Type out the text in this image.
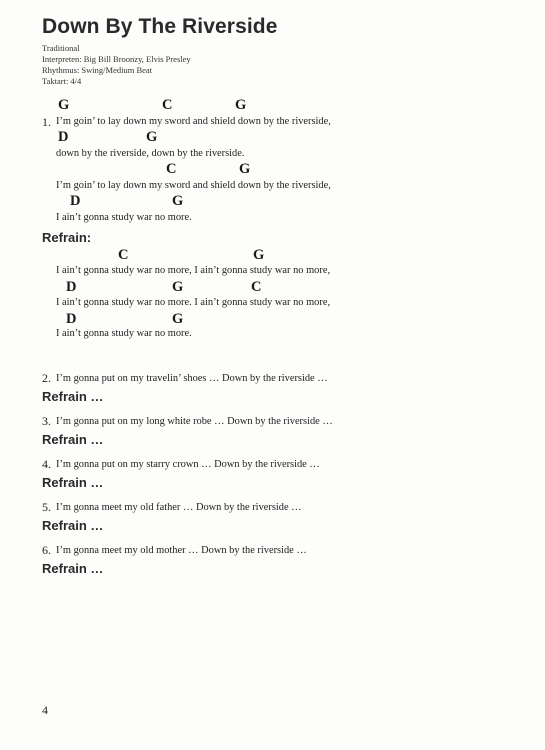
Down By The Riverside
Traditional
Interpreten: Big Bill Broonzy, Elvis Presley
Rhythmus: Swing/Medium Beat
Taktart: 4/4
G	C	G
1. I’m goin’ to lay down my sword and shield down by the riverside,
D	G
down by the riverside, down by the riverside.
C	G
I’m goin’ to lay down my sword and shield down by the riverside,
D	G
I ain’t gonna study war no more.
Refrain:
C	G
I ain’t gonna study war no more, I ain’t gonna study war no more,
D	G	C
I ain’t gonna study war no more. I ain’t gonna study war no more,
D	G
I ain’t gonna study war no more.
2. I’m gonna put on my travelin’ shoes … Down by the riverside …
Refrain …
3. I’m gonna put on my long white robe … Down by the riverside …
Refrain …
4. I’m gonna put on my starry crown … Down by the riverside …
Refrain …
5. I’m gonna meet my old father … Down by the riverside …
Refrain …
6. I’m gonna meet my old mother … Down by the riverside …
Refrain …
4
